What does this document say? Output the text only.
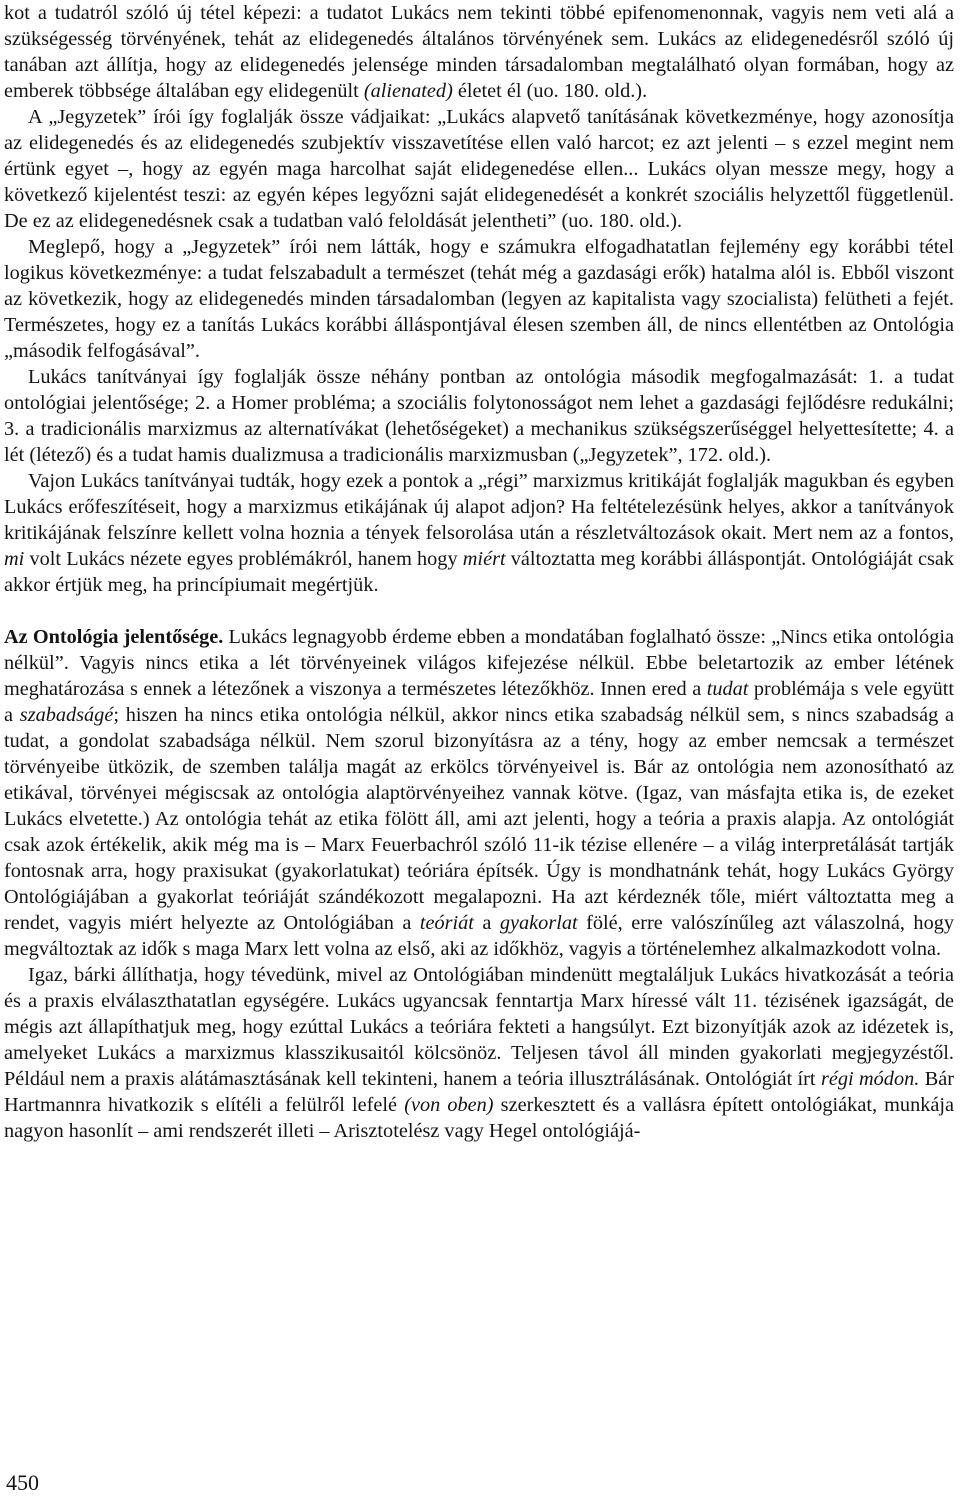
kot a tudatról szóló új tétel képezi: a tudatot Lukács nem tekinti többé epifenomenonnak, vagyis nem veti alá a szükségesség törvényének, tehát az elidegenedés általános törvényének sem. Lukács az elidegenedésről szóló új tanában azt állítja, hogy az elidegenedés jelensége minden társadalomban megtalálható olyan formában, hogy az emberek többsége általában egy elidegenült (alienated) életet él (uo. 180. old.).

A „Jegyzetek” írói így foglalják össze vádjaikat: „Lukács alapvető tanításának következménye, hogy azonosítja az elidegenedés és az elidegenedés szubjektív visszavetítése ellen való harcot; ez azt jelenti – s ezzel megint nem értünk egyet –, hogy az egyén maga harcolhat saját elidegenedése ellen... Lukács olyan messze megy, hogy a következő kijelentést teszi: az egyén képes legyőzni saját elidegenedését a konkrét szociális helyzettől függetlenül. De ez az elidegenedésnek csak a tudatban való feloldását jelentheti” (uo. 180. old.).

Meglepő, hogy a „Jegyzetek” írói nem látták, hogy e számukra elfogadhatatlan fejlemény egy korábbi tétel logikus következménye: a tudat felszabadult a természet (tehát még a gazdasági erők) hatalma alól is. Ebből viszont az következik, hogy az elidegenedés minden társadalomban (legyen az kapitalista vagy szocialista) felütheti a fejét. Természetes, hogy ez a tanítás Lukács korábbi álláspontjával élesen szemben áll, de nincs ellentétben az Ontológia „második felfogásával”.

Lukács tanítványai így foglalják össze néhány pontban az ontológia második megfogalmazását: 1. a tudat ontológiai jelentősége; 2. a Homer probléma; a szociális folytonosságot nem lehet a gazdasági fejlődésre redukálni; 3. a tradicionális marxizmus az alternatívákat (lehetőségeket) a mechanikus szükségszerűséggel helyettesítette; 4. a lét (létező) és a tudat hamis dualizmusa a tradicionális marxizmusban („Jegyzetek”, 172. old.).

Vajon Lukács tanítványai tudták, hogy ezek a pontok a „régi” marxizmus kritikáját foglalják magukban és egyben Lukács erőfeszítéseit, hogy a marxizmus etikájának új alapot adjon? Ha feltételezésünk helyes, akkor a tanítványok kritikájának felszínre kellett volna hoznia a tények felsorolása után a részletváltozások okait. Mert nem az a fontos, mi volt Lukács nézete egyes problémákról, hanem hogy miért változtatta meg korábbi álláspontját. Ontológiáját csak akkor értjük meg, ha princípiumait megértjük.

Az Ontológia jelentősége. Lukács legnagyobb érdeme ebben a mondatában foglalható össze: „Nincs etika ontológia nélkül”. Vagyis nincs etika a lét törvényeinek világos kifejezése nélkül. Ebbe beletartozik az ember létének meghatározása s ennek a létezőnek a viszonya a természetes létezőkhöz. Innen ered a tudat problémája s vele együtt a szabadságé; hiszen ha nincs etika ontológia nélkül, akkor nincs etika szabadság nélkül sem, s nincs szabadság a tudat, a gondolat szabadsága nélkül. Nem szorul bizonyításra az a tény, hogy az ember nemcsak a természet törvényeibe ütközik, de szemben találja magát az erkölcs törvényeivel is. Bár az ontológia nem azonosítható az etikával, törvényei mégiscsak az ontológia alaptörvényeihez vannak kötve. (Igaz, van másfajta etika is, de ezeket Lukács elvetette.) Az ontológia tehát az etika fölött áll, ami azt jelenti, hogy a teória a praxis alapja. Az ontológiát csak azok értékelik, akik még ma is – Marx Feuerbachról szóló 11-ik tézise ellenére – a világ interpretálását tartják fontosnak arra, hogy praxisukat (gyakorlatukat) teóriára építsék. Úgy is mondhatnánk tehát, hogy Lukács György Ontológiájában a gyakorlat teóriáját szándékozott megalapozni. Ha azt kérdeznék tőle, miért változtatta meg a rendet, vagyis miért helyezte az Ontológiában a teóriát a gyakorlat fölé, erre valószínűleg azt válaszolná, hogy megváltoztak az idők s maga Marx lett volna az első, aki az időkhöz, vagyis a történelemhez alkalmazkodott volna.

Igaz, bárki állíthatja, hogy tévedünk, mivel az Ontológiában mindenütt megtaláljuk Lukács hivatkozását a teória és a praxis elválaszthatatlan egységére. Lukács ugyancsak fenntartja Marx híressé vált 11. tézisének igazságát, de mégis azt állapíthatjuk meg, hogy ezúttal Lukács a teóriára fekteti a hangsúlyt. Ezt bizonyítják azok az idézetek is, amelyeket Lukács a marxizmus klasszikusaitól kölcsönöz. Teljesen távol áll minden gyakorlati megjegyzéstől. Például nem a praxis alátámasztásának kell tekinteni, hanem a teória illusztrálásának. Ontológiát írt régi módon. Bár Hartmannra hivatkozik s elítéli a felülről lefelé (von oben) szerkesztett és a vallásra épített ontológiákat, munkája nagyon hasonlít – ami rendszerét illeti – Arisztotelész vagy Hegel ontológiájá-

450
